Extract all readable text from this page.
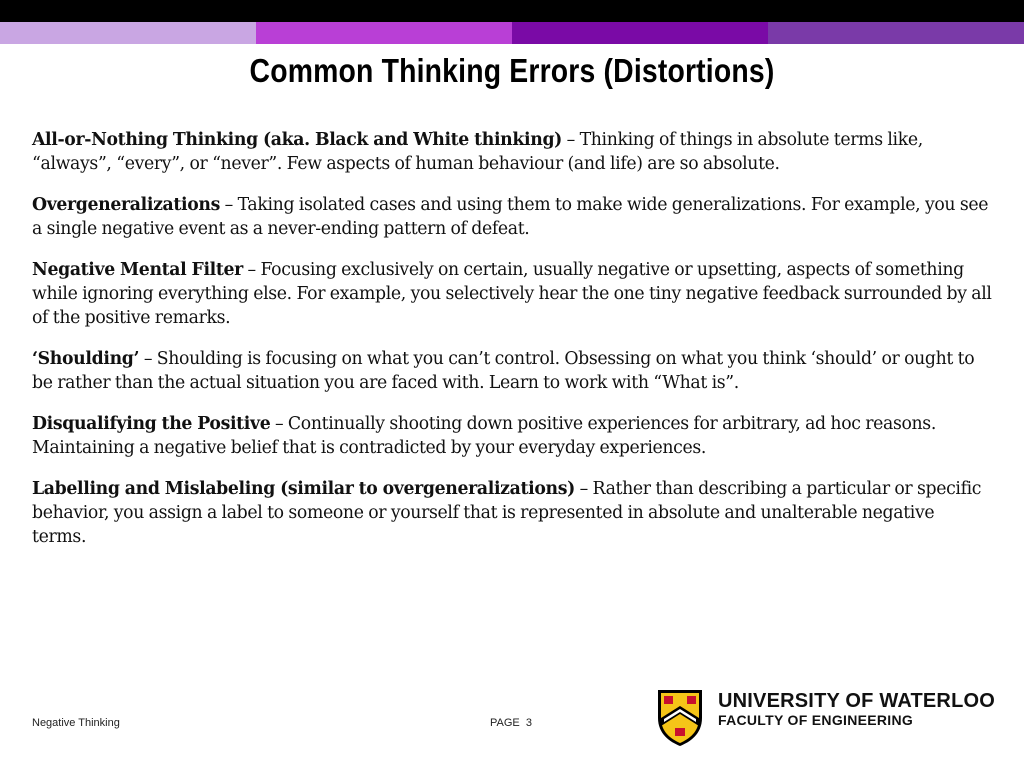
Common Thinking Errors (Distortions)

All-or-Nothing Thinking (aka. Black and White thinking) – Thinking of things in absolute terms like, “always”, “every”, or “never”. Few aspects of human behaviour (and life) are so absolute.

Overgeneralizations – Taking isolated cases and using them to make wide generalizations. For example, you see a single negative event as a never-ending pattern of defeat.

Negative Mental Filter – Focusing exclusively on certain, usually negative or upsetting, aspects of something while ignoring everything else. For example, you selectively hear the one tiny negative feedback surrounded by all of the positive remarks.

‘Shoulding’ – Shoulding is focusing on what you can’t control. Obsessing on what you think ‘should’ or ought to be rather than the actual situation you are faced with. Learn to work with “What is”.

Disqualifying the Positive – Continually shooting down positive experiences for arbitrary, ad hoc reasons. Maintaining a negative belief that is contradicted by your everyday experiences.

Labelling and Mislabeling (similar to overgeneralizations) – Rather than describing a particular or specific behavior, you assign a label to someone or yourself that is represented in absolute and unalterable negative terms.

Negative Thinking	PAGE 3
UNIVERSITY OF WATERLOO
FACULTY OF ENGINEERING
